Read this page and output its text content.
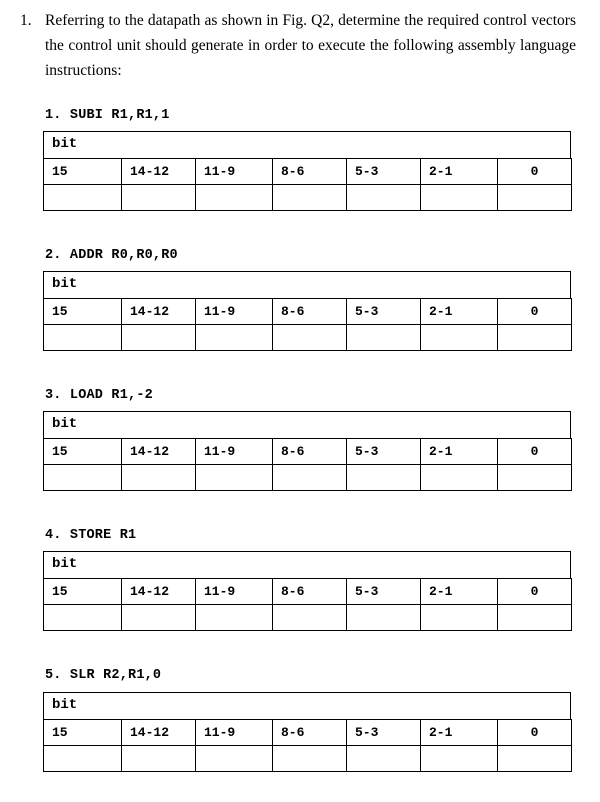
1. Referring to the datapath as shown in Fig. Q2, determine the required control vectors the control unit should generate in order to execute the following assembly language instructions:
1. SUBI R1,R1,1
bit
15	14-12	11-9	8-6	5-3	2-1	0

2. ADDR R0,R0,R0
bit
15	14-12	11-9	8-6	5-3	2-1	0

3. LOAD R1,-2
bit
15	14-12	11-9	8-6	5-3	2-1	0

4. STORE R1
bit
15	14-12	11-9	8-6	5-3	2-1	0

5. SLR R2,R1,0
bit
15	14-12	11-9	8-6	5-3	2-1	0
